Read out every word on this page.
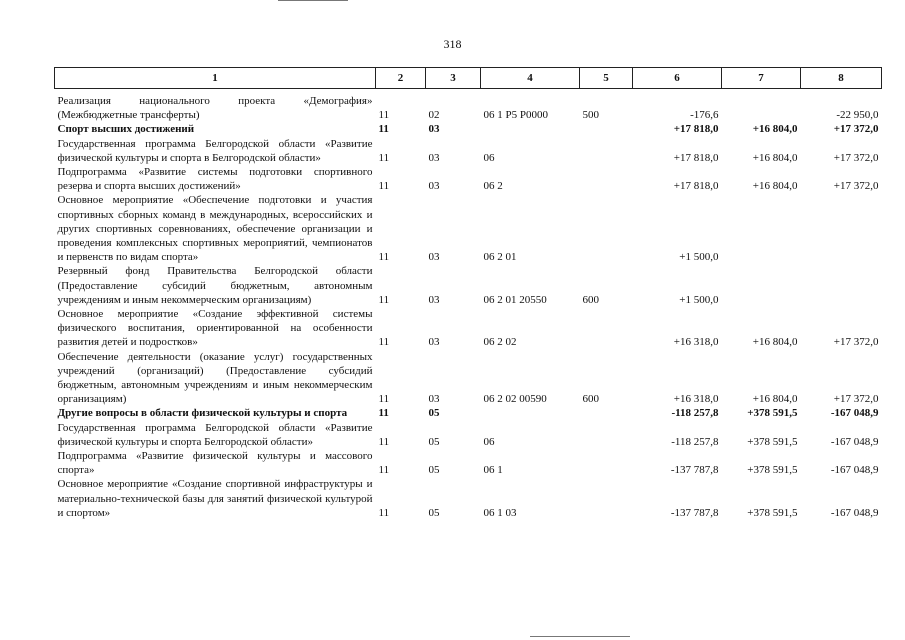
318
1	2	3	4	5	6	7	8
Реализация национального проекта «Демография» (Межбюджетные трансферты)	11	02	06 1 Р5 Р0000	500	-176,6		-22 950,0
Спорт высших достижений	11	03			+17 818,0	+16 804,0	+17 372,0
Государственная программа Белгородской области «Развитие физической культуры и спорта в Белгородской области»	11	03	06		+17 818,0	+16 804,0	+17 372,0
Подпрограмма «Развитие системы подготовки спортивного резерва и спорта высших достижений»	11	03	06 2		+17 818,0	+16 804,0	+17 372,0
Основное мероприятие «Обеспечение подготовки и участия спортивных сборных команд в международных, всероссийских и других спортивных соревнованиях, обеспечение организации и проведения комплексных спортивных мероприятий, чемпионатов и первенств по видам спорта»	11	03	06 2 01		+1 500,0		
Резервный фонд Правительства Белгородской области (Предоставление субсидий бюджетным, автономным учреждениям и иным некоммерческим организациям)	11	03	06 2 01 20550	600	+1 500,0		
Основное мероприятие «Создание эффективной системы физического воспитания, ориентированной на особенности развития детей и подростков»	11	03	06 2 02		+16 318,0	+16 804,0	+17 372,0
Обеспечение деятельности (оказание услуг) государственных учреждений (организаций) (Предоставление субсидий бюджетным, автономным учреждениям и иным некоммерческим организациям)	11	03	06 2 02 00590	600	+16 318,0	+16 804,0	+17 372,0
Другие вопросы в области физической культуры и спорта	11	05			-118 257,8	+378 591,5	-167 048,9
Государственная программа Белгородской области «Развитие физической культуры и спорта Белгородской области»	11	05	06		-118 257,8	+378 591,5	-167 048,9
Подпрограмма «Развитие физической культуры и массового спорта»	11	05	06 1		-137 787,8	+378 591,5	-167 048,9
Основное мероприятие «Создание спортивной инфраструктуры и материально-технической базы для занятий физической культурой и спортом»	11	05	06 1 03		-137 787,8	+378 591,5	-167 048,9
